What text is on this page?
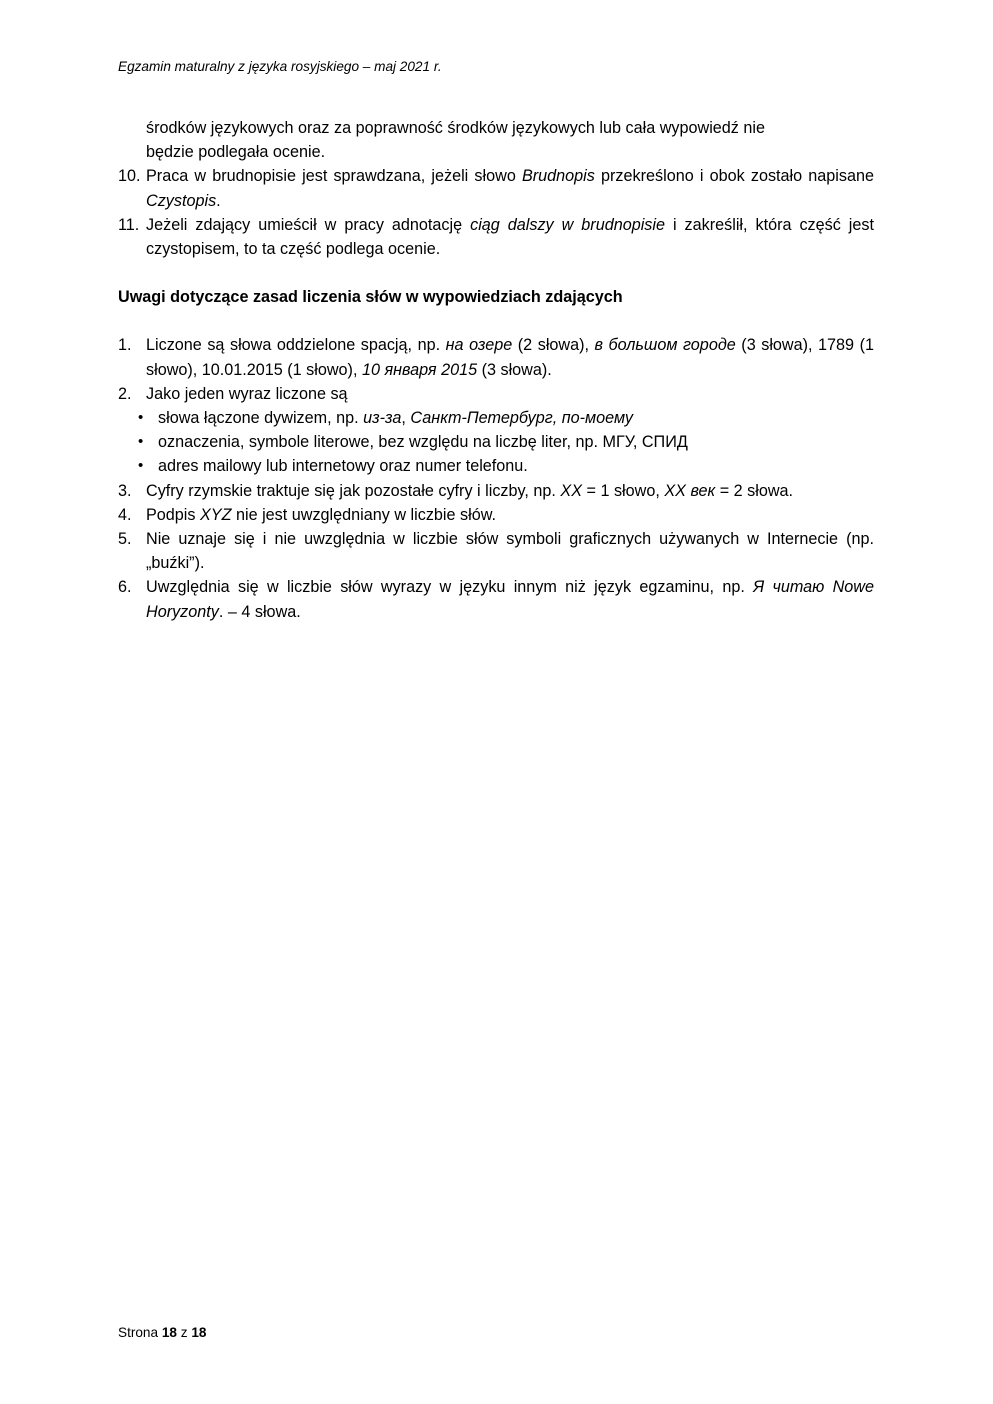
Egzamin maturalny z języka rosyjskiego – maj 2021 r.
środków językowych oraz za poprawność środków językowych lub cała wypowiedź nie
będzie podlegała ocenie.
10. Praca w brudnopisie jest sprawdzana, jeżeli słowo Brudnopis przekreślono i obok zostało napisane Czystopis.
11. Jeżeli zdający umieścił w pracy adnotację ciąg dalszy w brudnopisie i zakreślił, która część jest czystopisem, to ta część podlega ocenie.
Uwagi dotyczące zasad liczenia słów w wypowiedziach zdających
1. Liczone są słowa oddzielone spacją, np. на озере (2 słowa), в большом городе (3 słowa), 1789 (1 słowo), 10.01.2015 (1 słowo), 10 января 2015 (3 słowa).
2. Jako jeden wyraz liczone są
• słowa łączone dywizem, np. из-за, Санкт-Петербург, по-моему
• oznaczenia, symbole literowe, bez względu na liczbę liter, np. МГУ, СПИД
• adres mailowy lub internetowy oraz numer telefonu.
3. Cyfry rzymskie traktuje się jak pozostałe cyfry i liczby, np. XX = 1 słowo, XX век = 2 słowa.
4. Podpis XYZ nie jest uwzględniany w liczbie słów.
5. Nie uznaje się i nie uwzględnia w liczbie słów symboli graficznych używanych w Internecie (np. „buźki”).
6. Uwzględnia się w liczbie słów wyrazy w języku innym niż język egzaminu, np. Я читаю Nowe Horyzonty. – 4 słowa.
Strona 18 z 18
